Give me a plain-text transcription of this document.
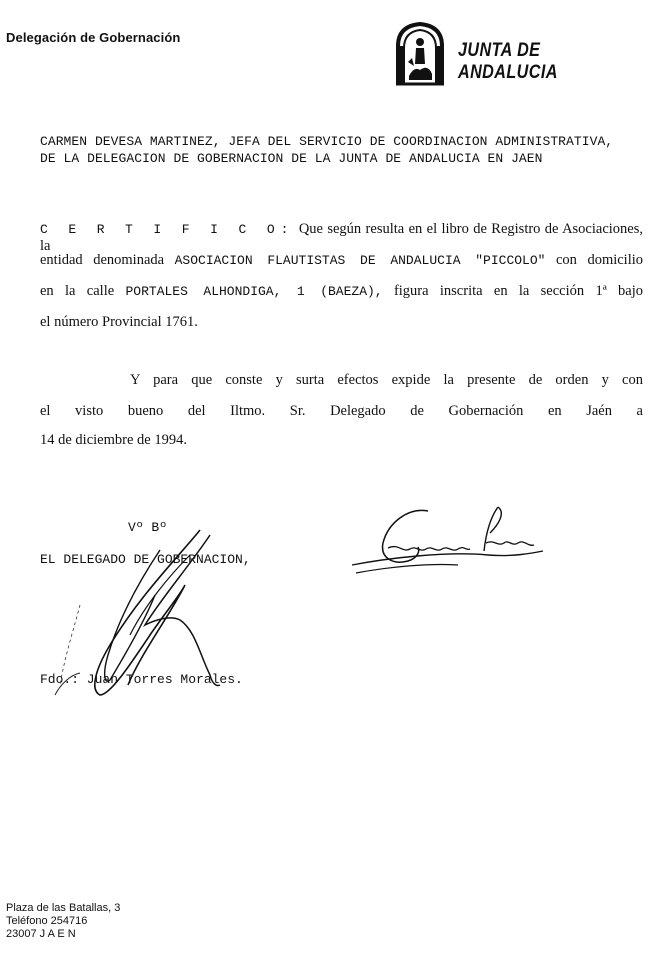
Delegación de Gobernación
JUNTA DE ANDALUCIA
CARMEN DEVESA MARTINEZ, JEFA DEL SERVICIO DE COORDINACION ADMINISTRATIVA,
DE LA DELEGACION DE GOBERNACION DE LA JUNTA DE ANDALUCIA EN JAEN
C E R T I F I C O: Que según resulta en el libro de Registro de Asociaciones, la
entidad denominada ASOCIACION FLAUTISTAS DE ANDALUCIA "PICCOLO" con domicilio
en la calle PORTALES ALHONDIGA, 1 (BAEZA), figura inscrita en la sección 1ª bajo
el número Provincial 1761.
Y para que conste y surta efectos expide la presente de orden y con
el visto bueno del Iltmo. Sr. Delegado de Gobernación en Jaén a
14 de diciembre de 1994.
Vº Bº
EL DELEGADO DE GOBERNACION,
Fdo.: Juan Torres Morales.
Plaza de las Batallas, 3
Teléfono 254716
23007 J A E N
